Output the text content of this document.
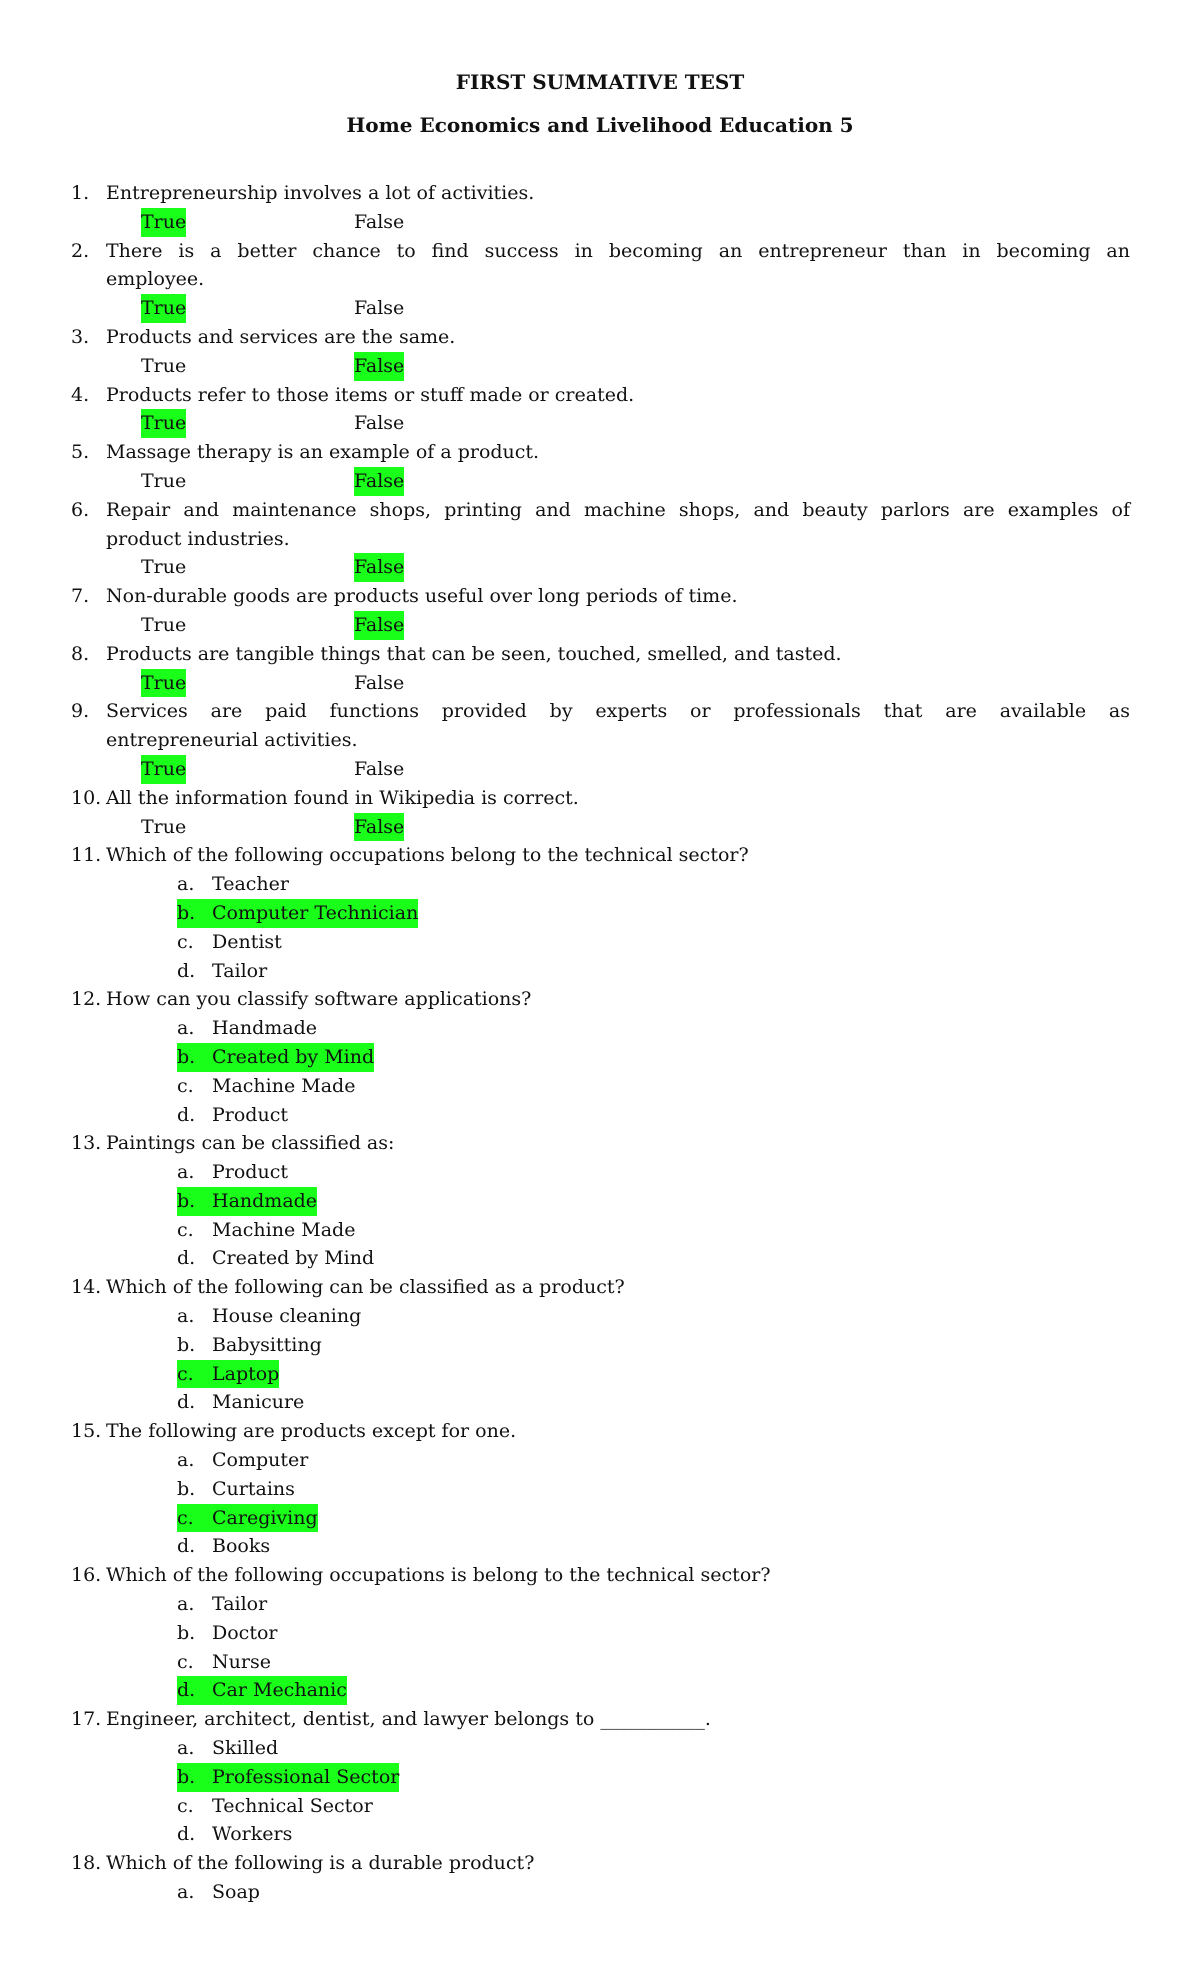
FIRST SUMMATIVE TEST
Home Economics and Livelihood Education 5
1. Entrepreneurship involves a lot of activities.
True	False
2. There is a better chance to find success in becoming an entrepreneur than in becoming an
employee.
True	False
3. Products and services are the same.
True	False
4. Products refer to those items or stuff made or created.
True	False
5. Massage therapy is an example of a product.
True	False
6. Repair and maintenance shops, printing and machine shops, and beauty parlors are examples of
product industries.
True	False
7. Non-durable goods are products useful over long periods of time.
True	False
8. Products are tangible things that can be seen, touched, smelled, and tasted.
True	False
9. Services are paid functions provided by experts or professionals that are available as
entrepreneurial activities.
True	False
10. All the information found in Wikipedia is correct.
True	False
11. Which of the following occupations belong to the technical sector?
a. Teacher
b. Computer Technician
c. Dentist
d. Tailor
12. How can you classify software applications?
a. Handmade
b. Created by Mind
c. Machine Made
d. Product
13. Paintings can be classified as:
a. Product
b. Handmade
c. Machine Made
d. Created by Mind
14. Which of the following can be classified as a product?
a. House cleaning
b. Babysitting
c. Laptop
d. Manicure
15. The following are products except for one.
a. Computer
b. Curtains
c. Caregiving
d. Books
16. Which of the following occupations is belong to the technical sector?
a. Tailor
b. Doctor
c. Nurse
d. Car Mechanic
17. Engineer, architect, dentist, and lawyer belongs to ___________.
a. Skilled
b. Professional Sector
c. Technical Sector
d. Workers
18. Which of the following is a durable product?
a. Soap
